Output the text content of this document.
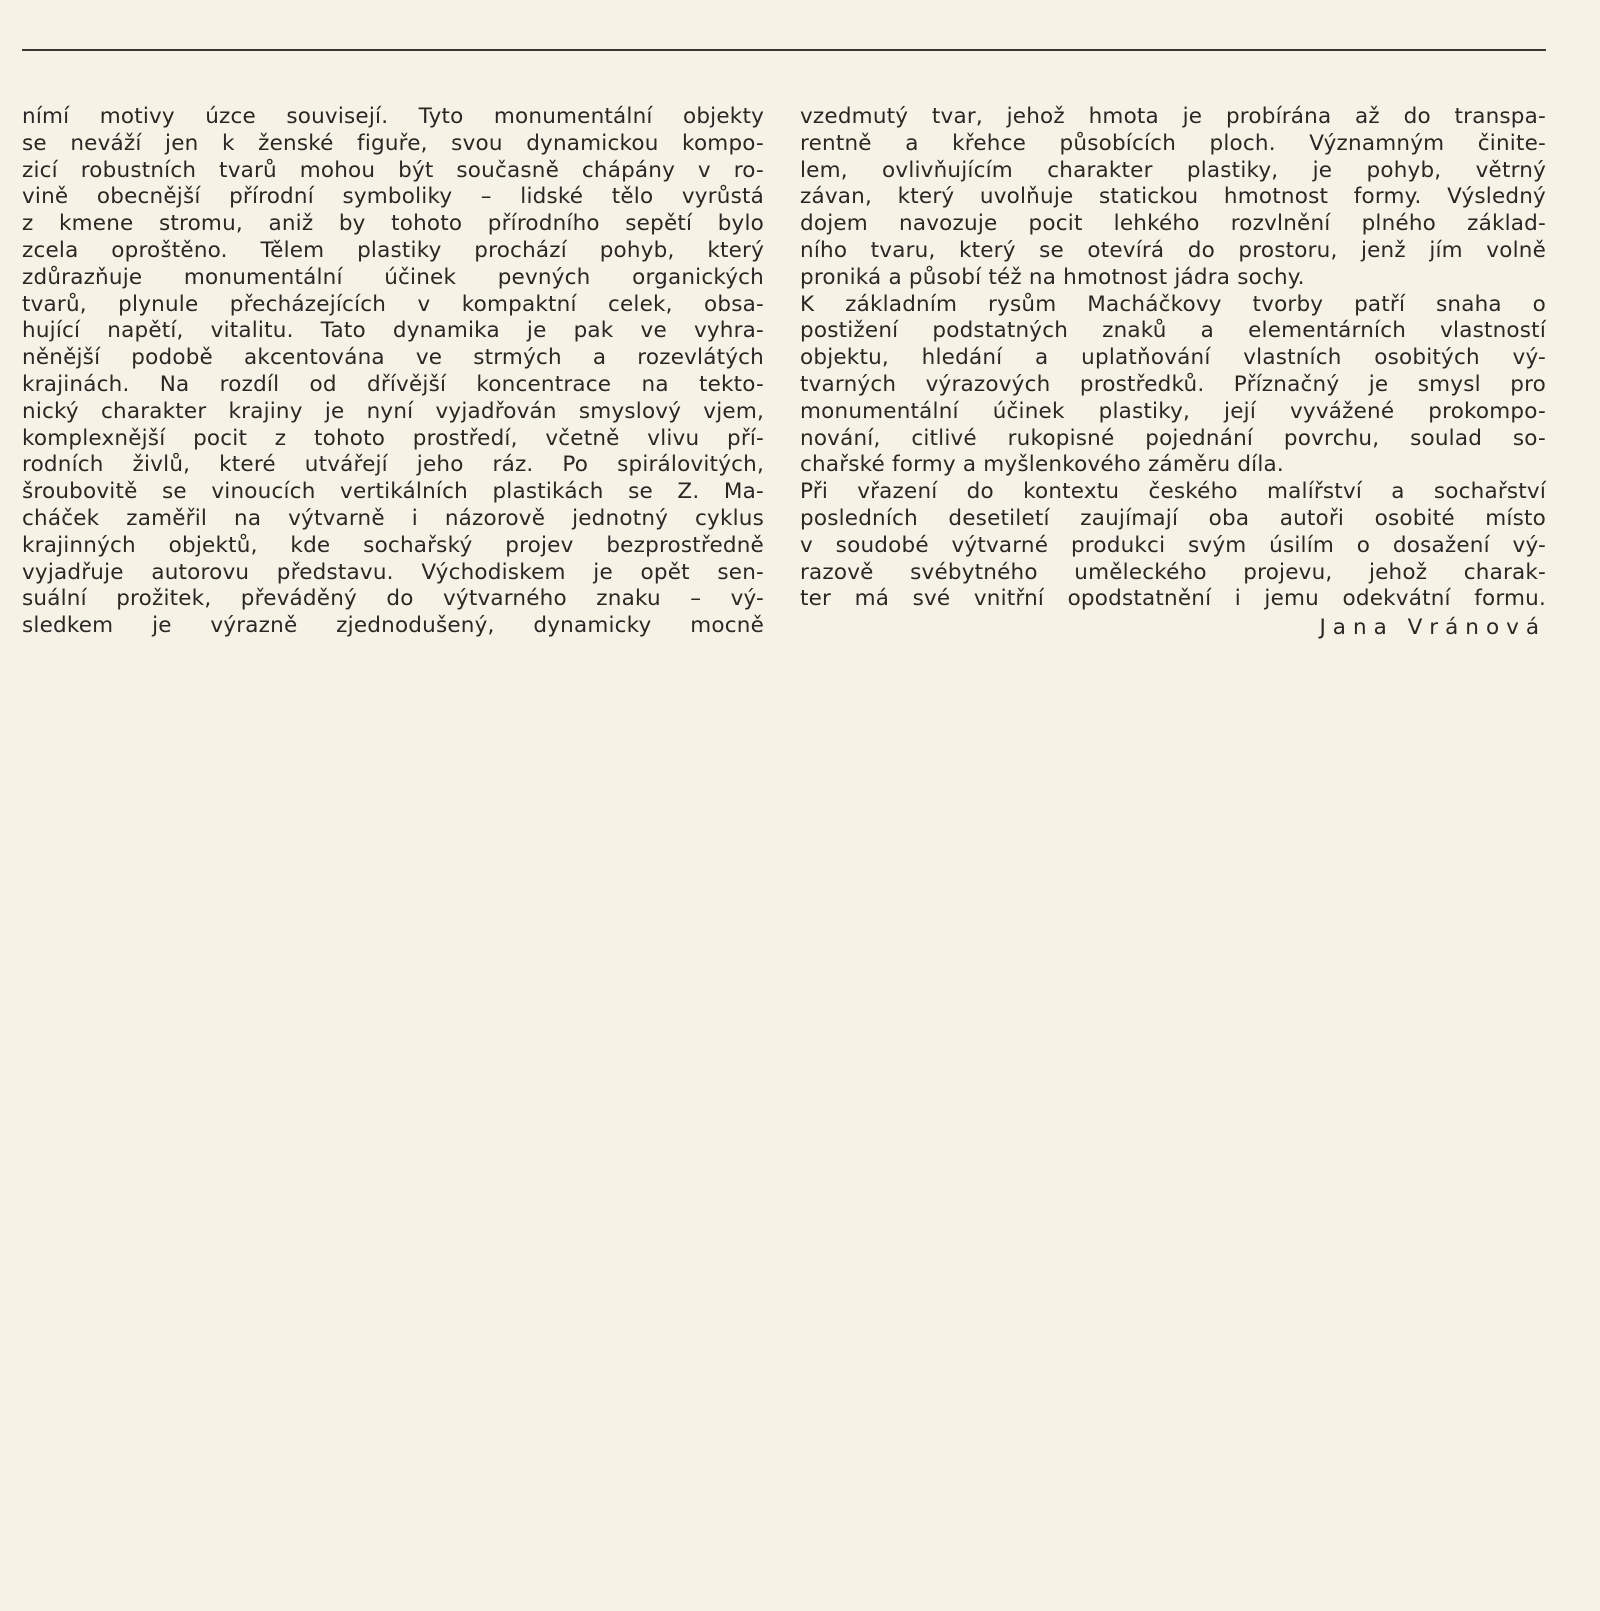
nímí motivy úzce souvisejí. Tyto monumentální objekty
se neváží jen k ženské figuře, svou dynamickou kompo-
zicí robustních tvarů mohou být současně chápány v ro-
vině obecnější přírodní symboliky – lidské tělo vyrůstá
z kmene stromu, aniž by tohoto přírodního sepětí bylo
zcela oproštěno. Tělem plastiky prochází pohyb, který
zdůrazňuje monumentální účinek pevných organických
tvarů, plynule přecházejících v kompaktní celek, obsa-
hující napětí, vitalitu. Tato dynamika je pak ve vyhra-
něnější podobě akcentována ve strmých a rozevlátých
krajinách. Na rozdíl od dřívější koncentrace na tekto-
nický charakter krajiny je nyní vyjadřován smyslový vjem,
komplexnější pocit z tohoto prostředí, včetně vlivu pří-
rodních živlů, které utvářejí jeho ráz. Po spirálovitých,
šroubovitě se vinoucích vertikálních plastikách se Z. Ma-
cháček zaměřil na výtvarně i názorově jednotný cyklus
krajinných objektů, kde sochařský projev bezprostředně
vyjadřuje autorovu představu. Východiskem je opět sen-
suální prožitek, převáděný do výtvarného znaku – vý-
sledkem je výrazně zjednodušený, dynamicky mocně
vzedmutý tvar, jehož hmota je probírána až do transpa-
rentně a křehce působících ploch. Významným činite-
lem, ovlivňujícím charakter plastiky, je pohyb, větrný
závan, který uvolňuje statickou hmotnost formy. Výsledný
dojem navozuje pocit lehkého rozvlnění plného základ-
ního tvaru, který se otevírá do prostoru, jenž jím volně
proniká a působí též na hmotnost jádra sochy.
K základním rysům Macháčkovy tvorby patří snaha o
postižení podstatných znaků a elementárních vlastností
objektu, hledání a uplatňování vlastních osobitých vý-
tvarných výrazových prostředků. Příznačný je smysl pro
monumentální účinek plastiky, její vyvážené prokompo-
nování, citlivé rukopisné pojednání povrchu, soulad so-
chařské formy a myšlenkového záměru díla.
Při vřazení do kontextu českého malířství a sochařství
posledních desetiletí zaujímají oba autoři osobité místo
v soudobé výtvarné produkci svým úsilím o dosažení vý-
razově svébytného uměleckého projevu, jehož charak-
ter má své vnitřní opodstatnění i jemu odekvátní formu.
Jana Vránová
